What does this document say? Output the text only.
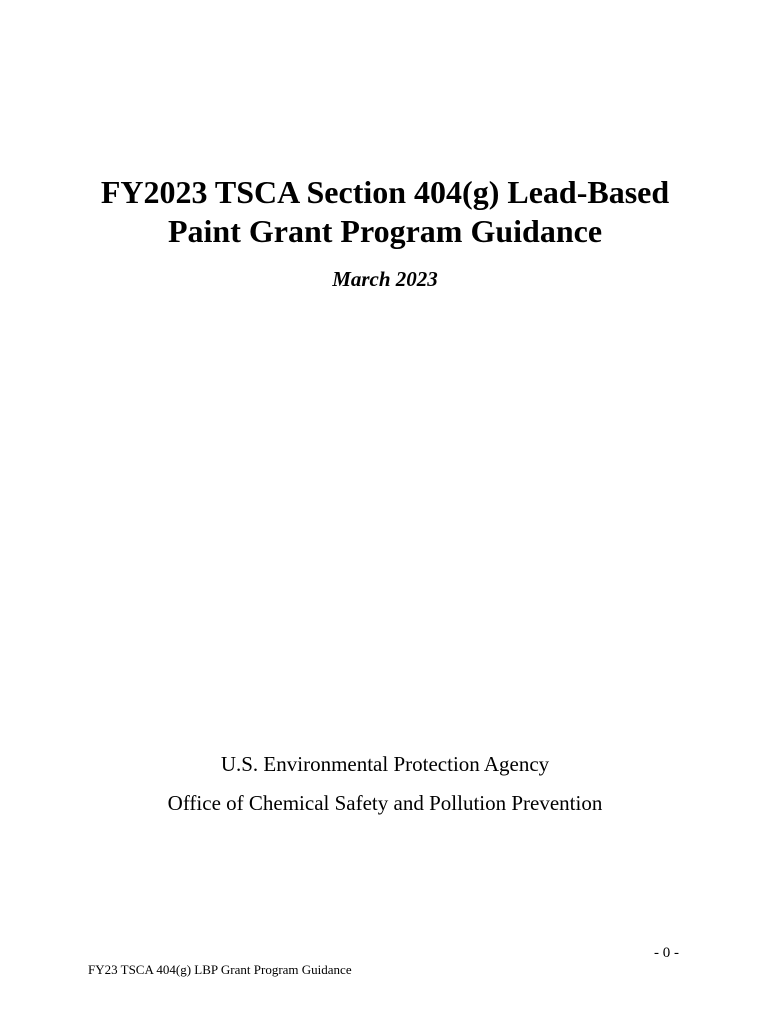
FY2023 TSCA Section 404(g) Lead-Based
Paint Grant Program Guidance

March 2023

U.S. Environmental Protection Agency

Office of Chemical Safety and Pollution Prevention

- 0 -

FY23 TSCA 404(g) LBP Grant Program Guidance
